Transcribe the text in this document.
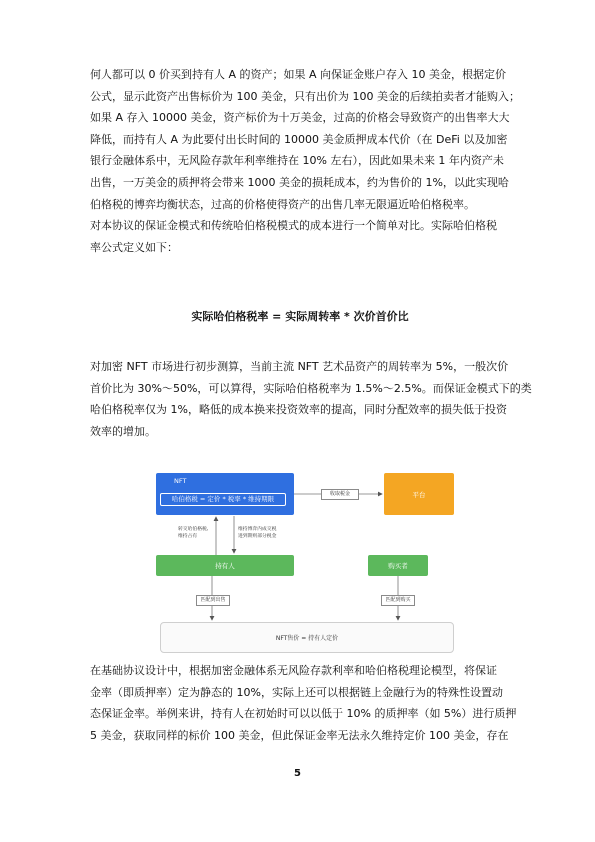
何人都可以 0 价买到持有人 A 的资产；如果 A 向保证金账户存入 10 美金，根据定价
公式，显示此资产出售标价为 100 美金，只有出价为 100 美金的后续拍卖者才能购入；
如果 A 存入 10000 美金，资产标价为十万美金，过高的价格会导致资产的出售率大大
降低，而持有人 A 为此要付出长时间的 10000 美金质押成本代价（在 DeFi 以及加密
银行金融体系中，无风险存款年利率维持在 10% 左右），因此如果未来 1 年内资产未
出售，一万美金的质押将会带来 1000 美金的损耗成本，约为售价的 1%，以此实现哈
伯格税的博弈均衡状态，过高的价格使得资产的出售几率无限逼近哈伯格税率。
对本协议的保证金模式和传统哈伯格税模式的成本进行一个简单对比。实际哈伯格税
率公式定义如下：
实际哈伯格税率 = 实际周转率 * 次价首价比
对加密 NFT 市场进行初步测算，当前主流 NFT 艺术品资产的周转率为 5%，一般次价
首价比为 30%～50%，可以算得，实际哈伯格税率为 1.5%～2.5%。而保证金模式下的类
哈伯格税率仅为 1%，略低的成本换来投资效率的提高，同时分配效率的损失低于投资
效率的增加。
NFT
哈伯格税 = 定价 * 税率 * 维持期限
收取税金	平台
转交哈伯格税,
维持占有
维持博弈内成交税
进到期则部分税金
持有人	购买者
匹配到出售	匹配到购买
NFT售价 = 持有人定价
在基础协议设计中，根据加密金融体系无风险存款利率和哈伯格税理论模型，将保证
金率（即质押率）定为静态的 10%，实际上还可以根据链上金融行为的特殊性设置动
态保证金率。举例来讲，持有人在初始时可以以低于 10% 的质押率（如 5%）进行质押
5 美金，获取同样的标价 100 美金，但此保证金率无法永久维持定价 100 美金，存在
5
